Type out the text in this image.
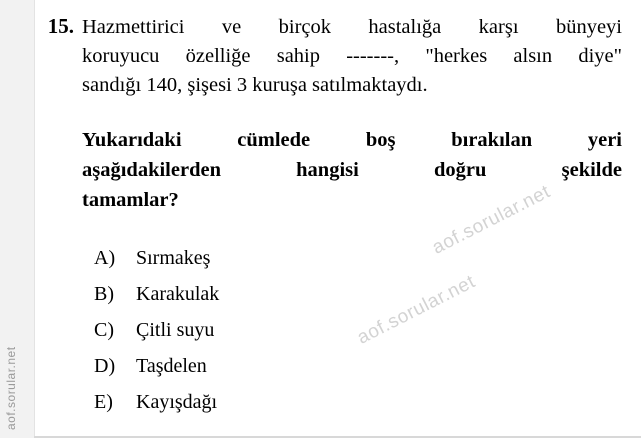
aof.sorular.net
15. Hazmettirici ve birçok hastalığa karşı bünyeyi
koruyucu özelliğe sahip -------, "herkes alsın diye"
sandığı 140, şişesi 3 kuruşa satılmaktaydı.
Yukarıdaki cümlede boş bırakılan yeri
aşağıdakilerden hangisi doğru şekilde
tamamlar?
A)	Sırmakeş
B)	Karakulak
C)	Çitli suyu
D)	Taşdelen
E)	Kayışdağı
aof.sorular.net
aof.sorular.net
